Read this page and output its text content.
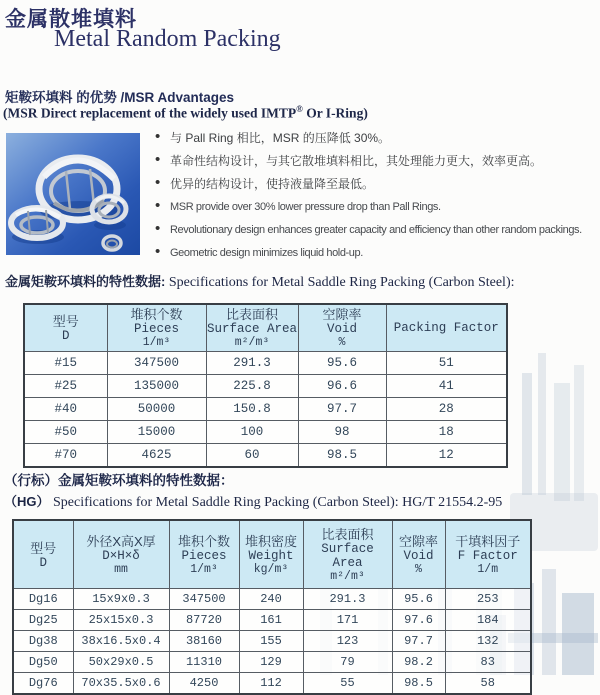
金属散堆填料
Metal Random Packing
矩鞍环填料 的优势 /MSR Advantages
(MSR Direct replacement of the widely used IMTP® Or I-Ring)
• 与 Pall Ring 相比，MSR 的压降低 30%。
• 革命性结构设计，与其它散堆填料相比，其处理能力更大，效率更高。
• 优异的结构设计，使持液量降至最低。
• MSR provide over 30% lower pressure drop than Pall Rings.
• Revolutionary design enhances greater capacity and efficiency than other random packings.
• Geometric design minimizes liquid hold-up.
金属矩鞍环填料的特性数据: Specifications for Metal Saddle Ring Packing (Carbon Steel):
型号
D

堆积个数
Pieces
1/m³

比表面积
Surface Area
m²/m³

空隙率
Void
%

Packing Factor

#15	347500	291.3	95.6	51
#25	135000	225.8	96.6	41
#40	50000	150.8	97.7	28
#50	15000	100	98	18
#70	4625	60	98.5	12
（行标）金属矩鞍环填料的特性数据：
（HG） Specifications for Metal Saddle Ring Packing (Carbon Steel): HG/T 21554.2-95
型号
D

外径X高X厚
D×H×δ
mm

堆积个数
Pieces
1/m³

堆积密度
Weight
kg/m³

比表面积
Surface Area
m²/m³

空隙率
Void
%

干填料因子
F Factor
1/m

Dg16	15x9x0.3	347500	240	291.3	95.6	253
Dg25	25x15x0.3	87720	161	171	97.6	184
Dg38	38x16.5x0.4	38160	155	123	97.7	132
Dg50	50x29x0.5	11310	129	79	98.2	83
Dg76	70x35.5x0.6	4250	112	55	98.5	58
